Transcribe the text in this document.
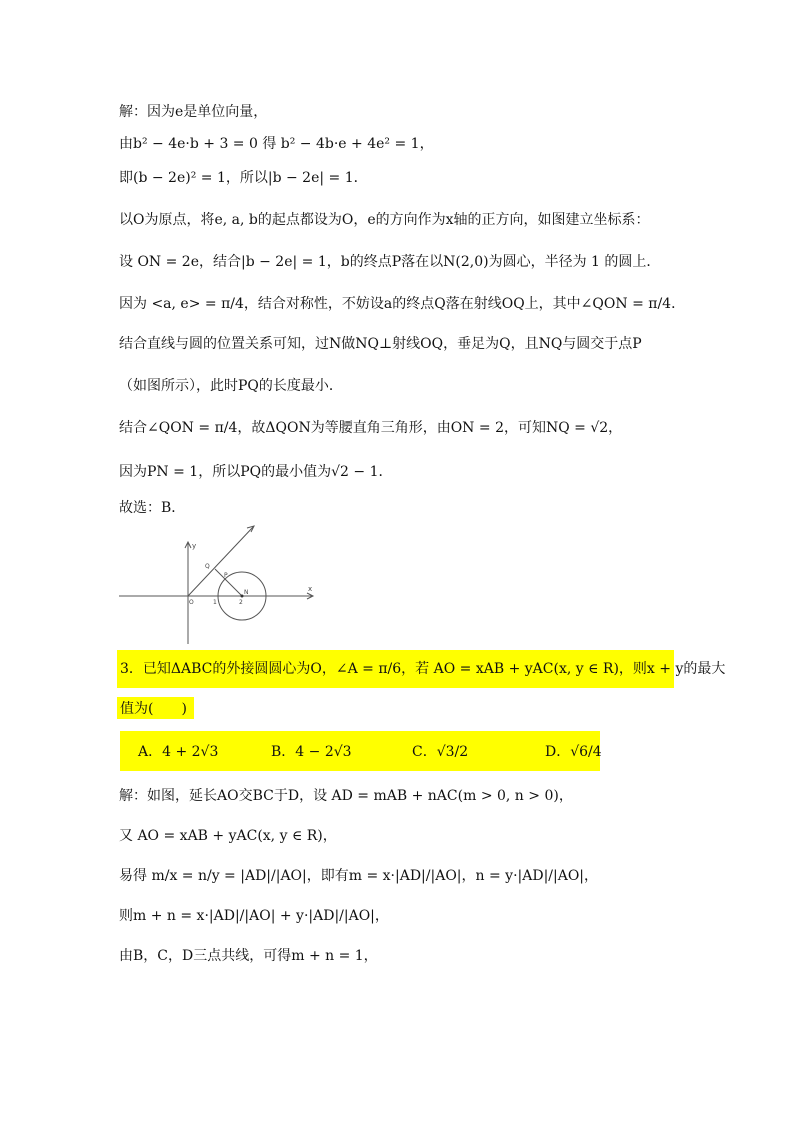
解：因为e是单位向量，
由b² − 4e·b + 3 = 0 得 b² − 4b·e + 4e² = 1，
即(b − 2e)² = 1，所以|b − 2e| = 1．
以O为原点，将e, a, b的起点都设为O，e的方向作为x轴的正方向，如图建立坐标系：
设 ON = 2e，结合|b − 2e| = 1，b的终点P落在以N(2,0)为圆心，半径为 1 的圆上．
因为 <a, e> = π/4，结合对称性，不妨设a的终点Q落在射线OQ上，其中∠QON = π/4．
结合直线与圆的位置关系可知，过N做NQ⊥射线OQ，垂足为Q，且NQ与圆交于点P
（如图所示），此时PQ的长度最小．
结合∠QON = π/4，故ΔQON为等腰直角三角形，由ON = 2，可知NQ = √2，
因为PN = 1，所以PQ的最小值为√2 − 1．
故选：B．
y
x
O	1	2
N
Q
P
3．已知ΔABC的外接圆圆心为O，∠A = π/6，若 AO = xAB + yAC(x, y ∈ R)，则x + y的最大
值为(　　)
A．4 + 2√3	B．4 − 2√3	C．√3/2	D．√6/4
解：如图，延长AO交BC于D，设 AD = mAB + nAC(m > 0, n > 0)，
又 AO = xAB + yAC(x, y ∈ R)，
易得 m/x = n/y = |AD|/|AO|，即有m = x·|AD|/|AO|，n = y·|AD|/|AO|，
则m + n = x·|AD|/|AO| + y·|AD|/|AO|，
由B，C，D三点共线，可得m + n = 1，
